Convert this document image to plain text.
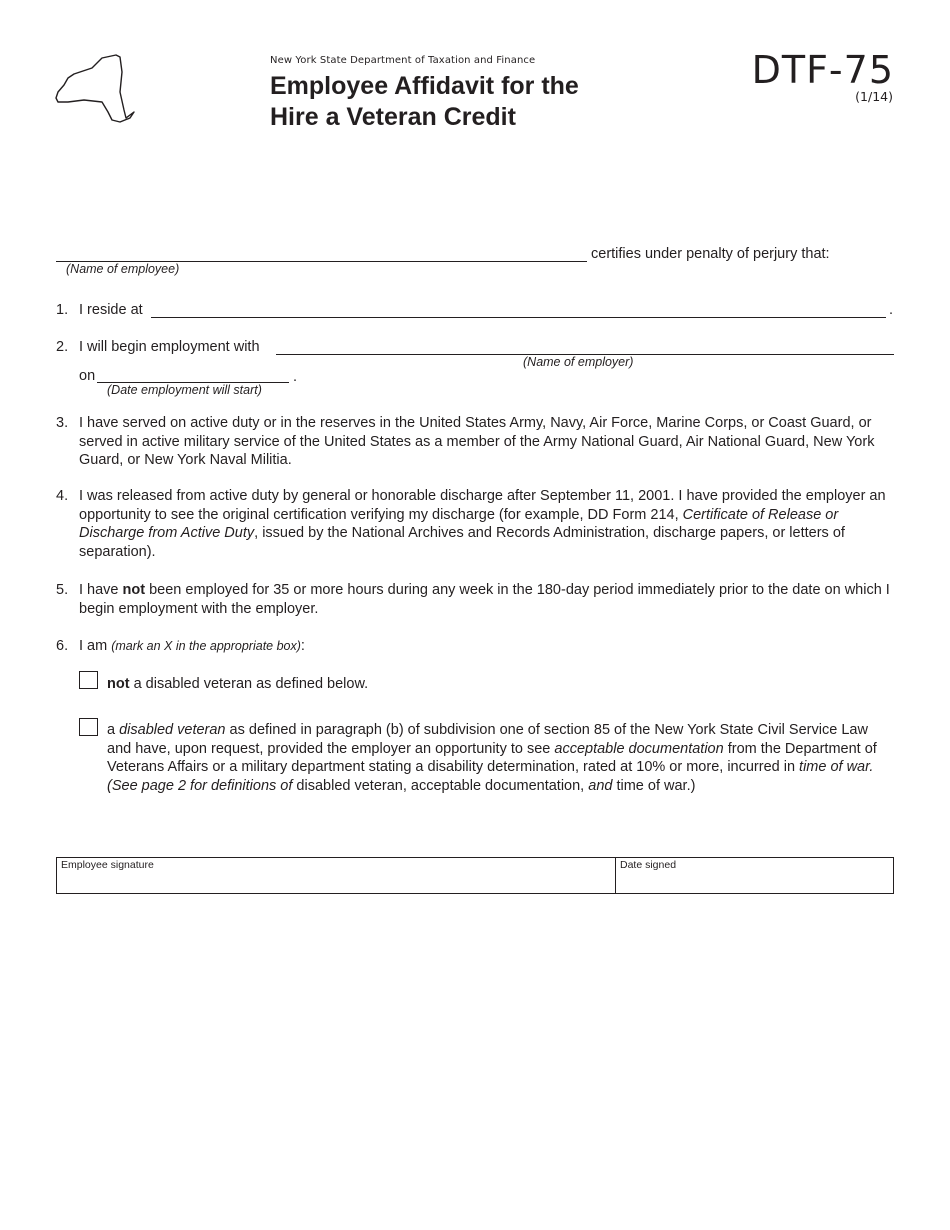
New York State Department of Taxation and Finance
Employee Affidavit for the
Hire a Veteran Credit
DTF-75
(1/14)
certifies under penalty of perjury that:
(Name of employee)
1. I reside at	.
2. I will begin employment with
(Name of employer)
on	.
(Date employment will start)
3. I have served on active duty or in the reserves in the United States Army, Navy, Air Force, Marine Corps, or Coast Guard, or served in active military service of the United States as a member of the Army National Guard, Air National Guard, New York Guard, or New York Naval Militia.
4. I was released from active duty by general or honorable discharge after September 11, 2001. I have provided the employer an opportunity to see the original certification verifying my discharge (for example, DD Form 214, Certificate of Release or Discharge from Active Duty, issued by the National Archives and Records Administration, discharge papers, or letters of separation).
5. I have not been employed for 35 or more hours during any week in the 180-day period immediately prior to the date on which I begin employment with the employer.
6. I am (mark an X in the appropriate box):
not a disabled veteran as defined below.
a disabled veteran as defined in paragraph (b) of subdivision one of section 85 of the New York State Civil Service Law and have, upon request, provided the employer an opportunity to see acceptable documentation from the Department of Veterans Affairs or a military department stating a disability determination, rated at 10% or more, incurred in time of war. (See page 2 for definitions of disabled veteran, acceptable documentation, and time of war.)
Employee signature	Date signed
